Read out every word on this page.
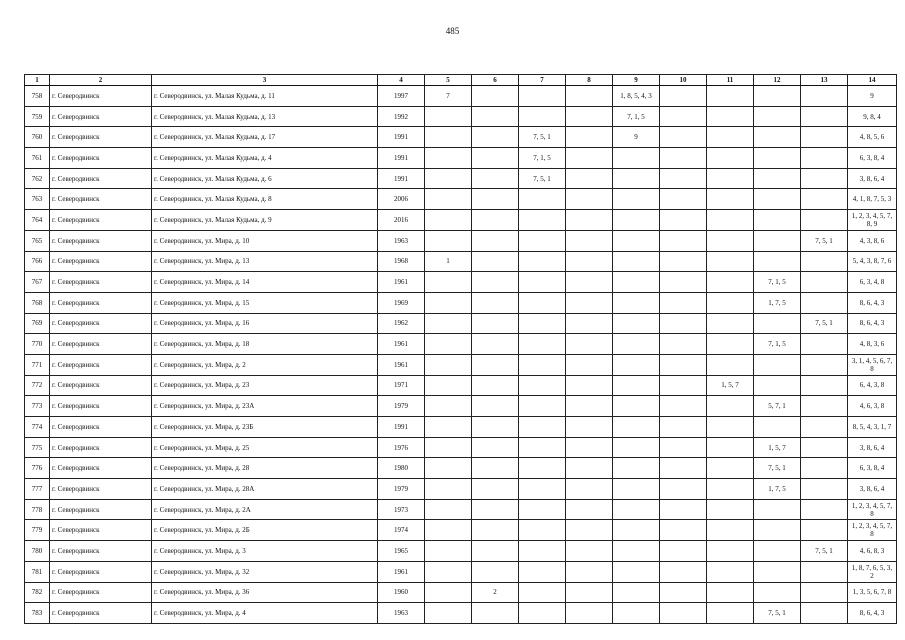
485
1	2	3	4	5	6	7	8	9	10	11	12	13	14
758	г. Северодвинск	г. Северодвинск, ул. Малая Кудьма, д. 11	1997	7				1, 8, 5, 4, 3					9
759	г. Северодвинск	г. Северодвинск, ул. Малая Кудьма, д. 13	1992					7, 1, 5					9, 8, 4
760	г. Северодвинск	г. Северодвинск, ул. Малая Кудьма, д. 17	1991			7, 5, 1		9					4, 8, 5, 6
761	г. Северодвинск	г. Северодвинск, ул. Малая Кудьма, д. 4	1991			7, 1, 5							6, 3, 8, 4
762	г. Северодвинск	г. Северодвинск, ул. Малая Кудьма, д. 6	1991			7, 5, 1							3, 8, 6, 4
763	г. Северодвинск	г. Северодвинск, ул. Малая Кудьма, д. 8	2006										4, 1, 8, 7, 5, 3
764	г. Северодвинск	г. Северодвинск, ул. Малая Кудьма, д. 9	2016										1, 2, 3, 4, 5, 7, 8, 9
765	г. Северодвинск	г. Северодвинск, ул. Мира, д. 10	1963									7, 5, 1	4, 3, 8, 6
766	г. Северодвинск	г. Северодвинск, ул. Мира, д. 13	1968	1									5, 4, 3, 8, 7, 6
767	г. Северодвинск	г. Северодвинск, ул. Мира, д. 14	1961								7, 1, 5		6, 3, 4, 8
768	г. Северодвинск	г. Северодвинск, ул. Мира, д. 15	1969								1, 7, 5		8, 6, 4, 3
769	г. Северодвинск	г. Северодвинск, ул. Мира, д. 16	1962									7, 5, 1	8, 6, 4, 3
770	г. Северодвинск	г. Северодвинск, ул. Мира, д. 18	1961								7, 1, 5		4, 8, 3, 6
771	г. Северодвинск	г. Северодвинск, ул. Мира, д. 2	1961										3, 1, 4, 5, 6, 7, 8
772	г. Северодвинск	г. Северодвинск, ул. Мира, д. 23	1971							1, 5, 7			6, 4, 3, 8
773	г. Северодвинск	г. Северодвинск, ул. Мира, д. 23А	1979								5, 7, 1		4, 6, 3, 8
774	г. Северодвинск	г. Северодвинск, ул. Мира, д. 23Б	1991										8, 5, 4, 3, 1, 7
775	г. Северодвинск	г. Северодвинск, ул. Мира, д. 25	1976								1, 5, 7		3, 8, 6, 4
776	г. Северодвинск	г. Северодвинск, ул. Мира, д. 28	1980								7, 5, 1		6, 3, 8, 4
777	г. Северодвинск	г. Северодвинск, ул. Мира, д. 28А	1979								1, 7, 5		3, 8, 6, 4
778	г. Северодвинск	г. Северодвинск, ул. Мира, д. 2А	1973										1, 2, 3, 4, 5, 7, 8
779	г. Северодвинск	г. Северодвинск, ул. Мира, д. 2Б	1974										1, 2, 3, 4, 5, 7, 8
780	г. Северодвинск	г. Северодвинск, ул. Мира, д. 3	1965									7, 5, 1	4, 6, 8, 3
781	г. Северодвинск	г. Северодвинск, ул. Мира, д. 32	1961										1, 8, 7, 6, 5, 3, 2
782	г. Северодвинск	г. Северодвинск, ул. Мира, д. 36	1960		2								1, 3, 5, 6, 7, 8
783	г. Северодвинск	г. Северодвинск, ул. Мира, д. 4	1963								7, 5, 1		8, 6, 4, 3
